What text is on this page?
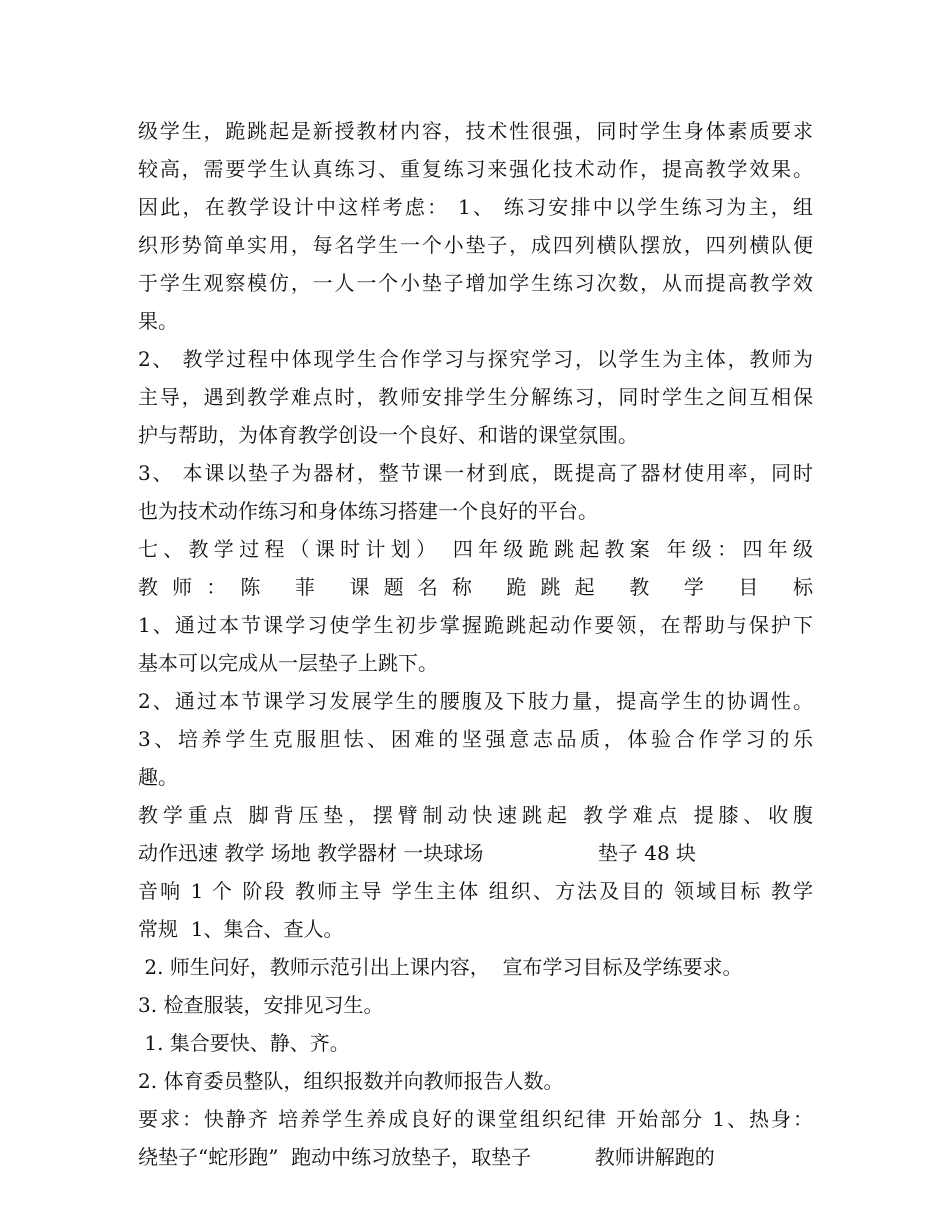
级学生，跪跳起是新授教材内容，技术性很强，同时学生身体素质要求
较高，需要学生认真练习、重复练习来强化技术动作，提高教学效果。
因此，在教学设计中这样考虑： 1、 练习安排中以学生练习为主，组
织形势简单实用，每名学生一个小垫子，成四列横队摆放，四列横队便
于学生观察模仿，一人一个小垫子增加学生练习次数，从而提高教学效
果。
2、 教学过程中体现学生合作学习与探究学习，以学生为主体，教师为
主导，遇到教学难点时，教师安排学生分解练习，同时学生之间互相保
护与帮助，为体育教学创设一个良好、和谐的课堂氛围。
3、 本课以垫子为器材，整节课一材到底，既提高了器材使用率，同时
也为技术动作练习和身体练习搭建一个良好的平台。
七、教学过程（课时计划） 四年级跪跳起教案 年级：四年级
教师：陈 菲 课题名称 跪跳起 教 学 目 标
1、通过本节课学习使学生初步掌握跪跳起动作要领，在帮助与保护下
基本可以完成从一层垫子上跳下。
2、通过本节课学习发展学生的腰腹及下肢力量，提高学生的协调性。
3、培养学生克服胆怯、困难的坚强意志品质，体验合作学习的乐
趣。
教学重点 脚背压垫，摆臂制动快速跳起 教学难点 提膝、收腹
动作迅速 教学 场地 教学器材 一块球场                  垫子 48 块
音响 1 个 阶段 教师主导 学生主体 组织、方法及目的 领域目标 教学
常规  1、集合、查人。
2. 师生问好，教师示范引出上课内容，  宣布学习目标及学练要求。
3. 检查服装，安排见习生。
1. 集合要快、静、齐。
2. 体育委员整队，组织报数并向教师报告人数。
要求：快静齐 培养学生养成良好的课堂组织纪律 开始部分 1、热身：
绕垫子“蛇形跑”  跑动中练习放垫子，取垫子          教师讲解跑的
